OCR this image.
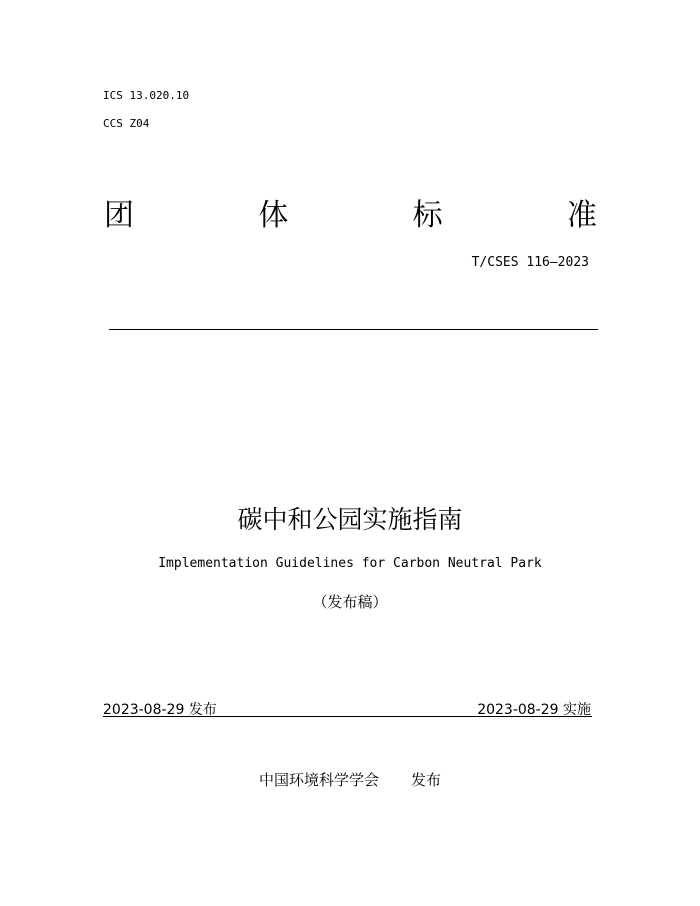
ICS 13.020.10
CCS Z04
团	体	标	准
T/CSES 116—2023
碳中和公园实施指南
Implementation Guidelines for Carbon Neutral Park
（发布稿）
2023-08-29 发布	2023-08-29 实施
中国环境科学学会 发布
